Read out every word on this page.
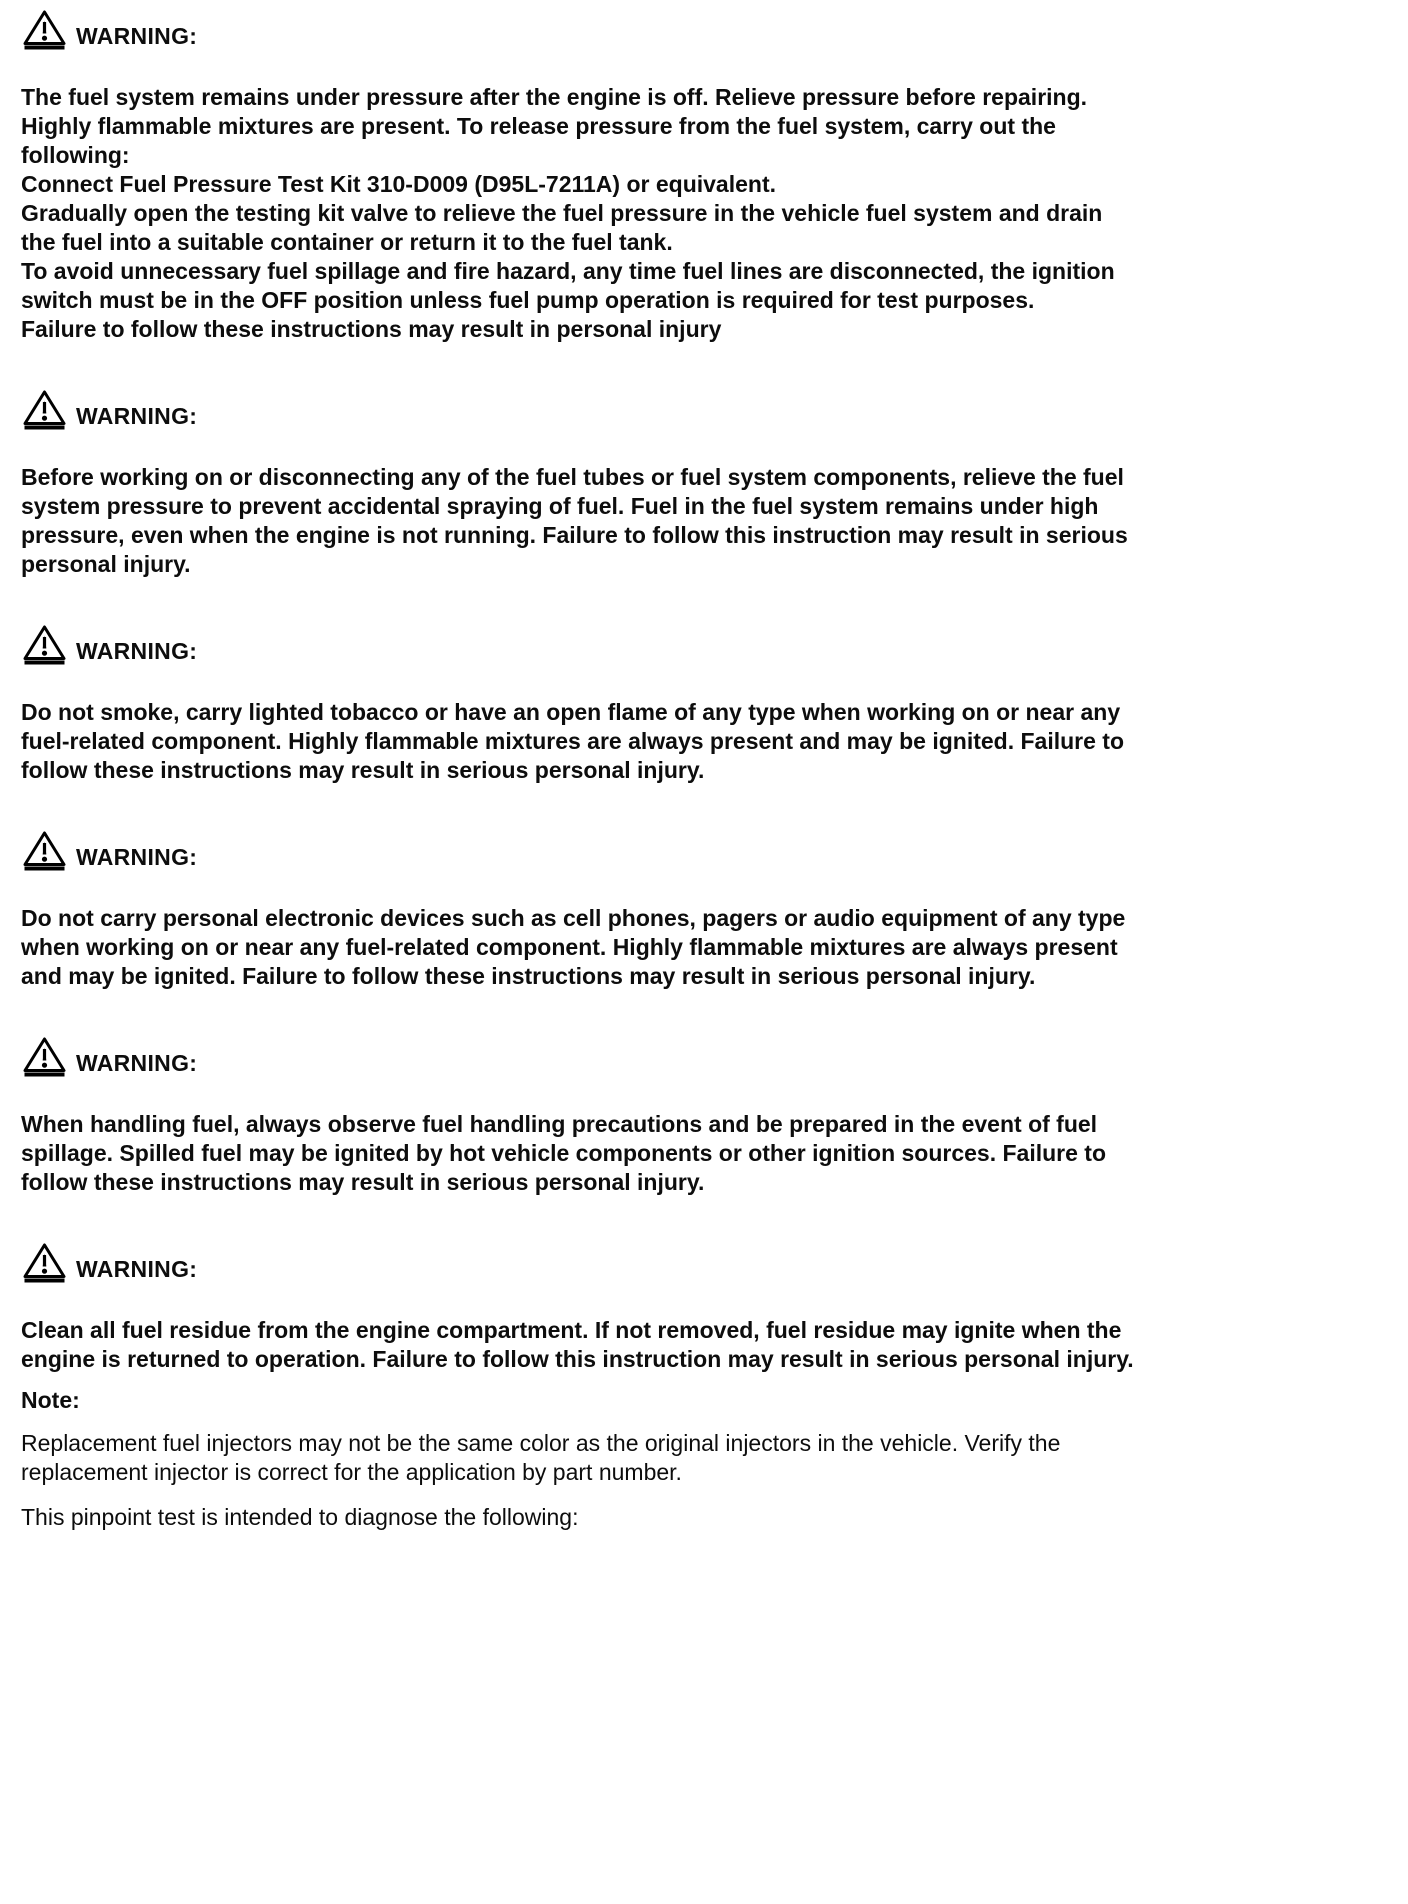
WARNING:
The fuel system remains under pressure after the engine is off. Relieve pressure before repairing. Highly flammable mixtures are present. To release pressure from the fuel system, carry out the following:
Connect Fuel Pressure Test Kit 310-D009 (D95L-7211A) or equivalent.
Gradually open the testing kit valve to relieve the fuel pressure in the vehicle fuel system and drain the fuel into a suitable container or return it to the fuel tank.
To avoid unnecessary fuel spillage and fire hazard, any time fuel lines are disconnected, the ignition switch must be in the OFF position unless fuel pump operation is required for test purposes.
Failure to follow these instructions may result in personal injury
WARNING:
Before working on or disconnecting any of the fuel tubes or fuel system components, relieve the fuel system pressure to prevent accidental spraying of fuel. Fuel in the fuel system remains under high pressure, even when the engine is not running. Failure to follow this instruction may result in serious personal injury.
WARNING:
Do not smoke, carry lighted tobacco or have an open flame of any type when working on or near any fuel-related component. Highly flammable mixtures are always present and may be ignited. Failure to follow these instructions may result in serious personal injury.
WARNING:
Do not carry personal electronic devices such as cell phones, pagers or audio equipment of any type when working on or near any fuel-related component. Highly flammable mixtures are always present and may be ignited. Failure to follow these instructions may result in serious personal injury.
WARNING:
When handling fuel, always observe fuel handling precautions and be prepared in the event of fuel spillage. Spilled fuel may be ignited by hot vehicle components or other ignition sources. Failure to follow these instructions may result in serious personal injury.
WARNING:
Clean all fuel residue from the engine compartment. If not removed, fuel residue may ignite when the engine is returned to operation. Failure to follow this instruction may result in serious personal injury.
Note:

Replacement fuel injectors may not be the same color as the original injectors in the vehicle. Verify the replacement injector is correct for the application by part number.

This pinpoint test is intended to diagnose the following:
